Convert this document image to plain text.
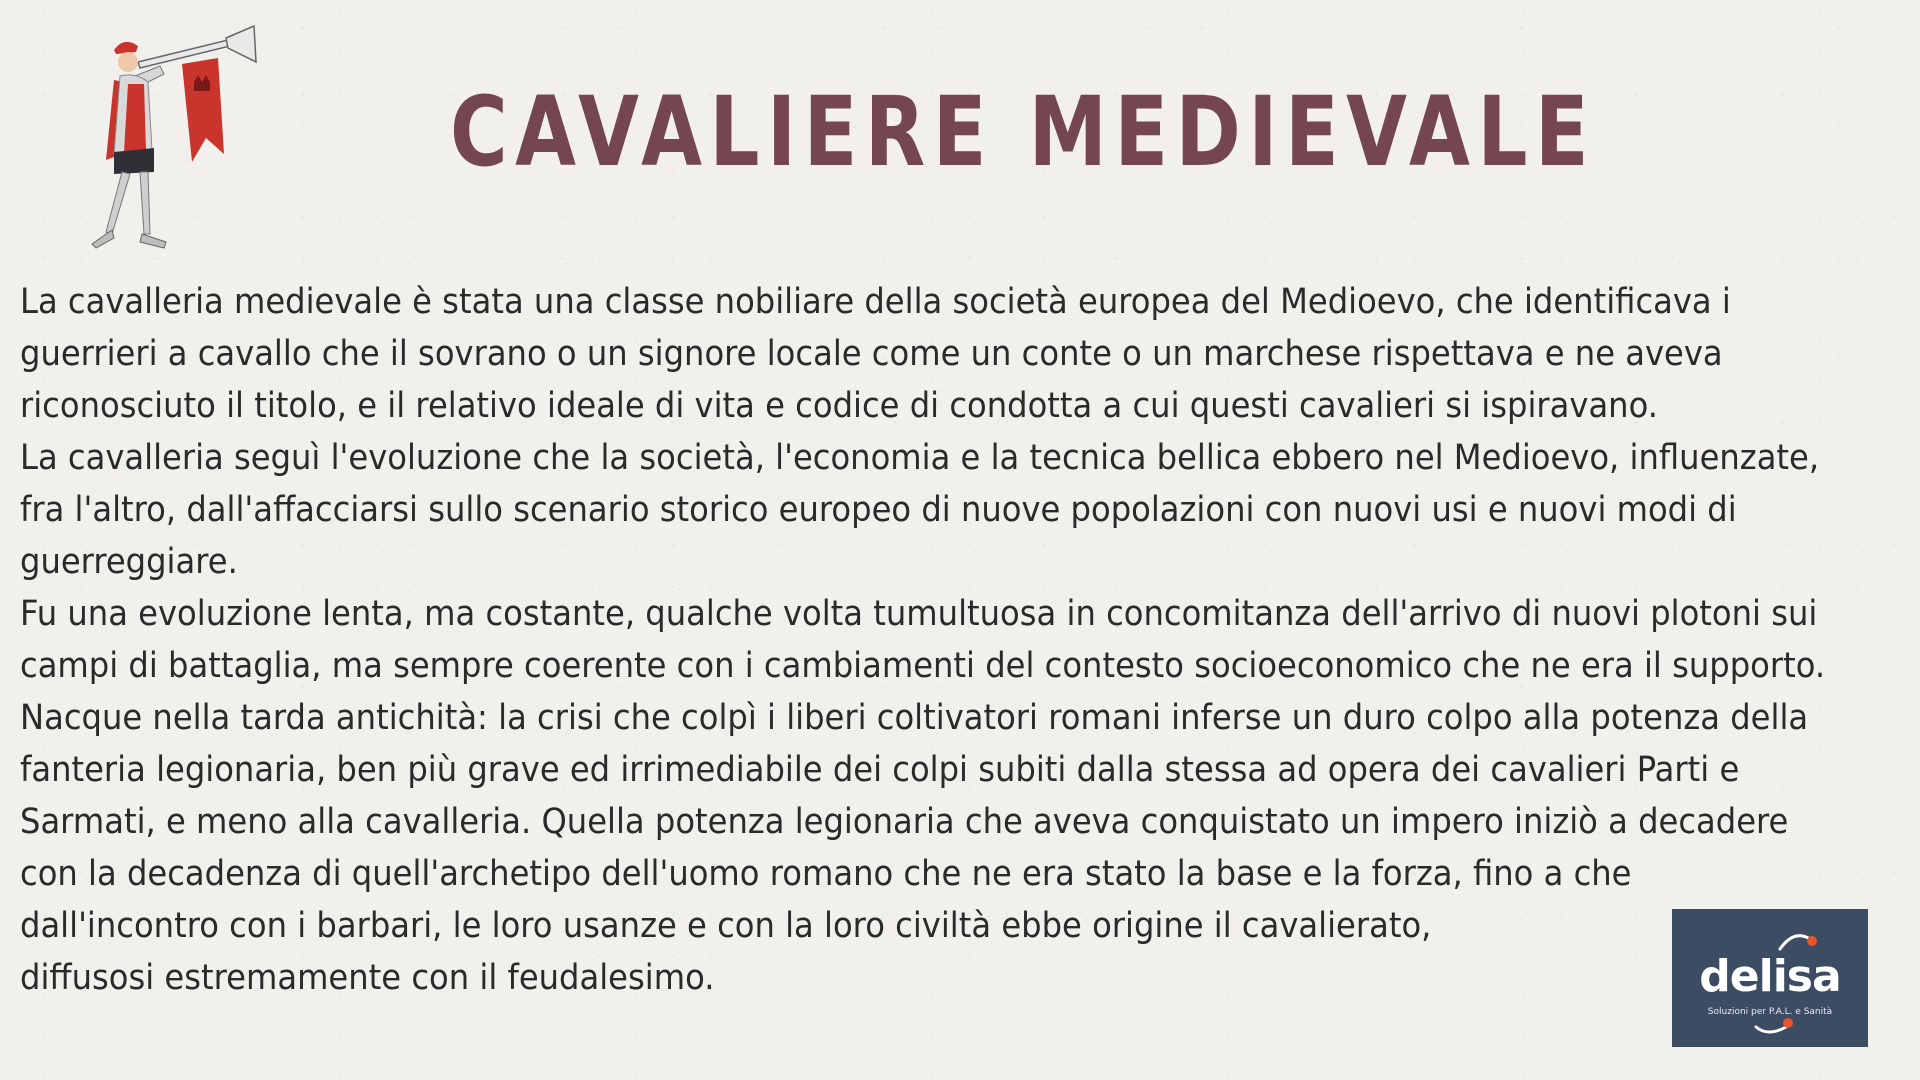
CAVALIERE MEDIEVALE

La cavalleria medievale è stata una classe nobiliare della società europea del Medioevo, che identificava i

guerrieri a cavallo che il sovrano o un signore locale come un conte o un marchese rispettava e ne aveva

riconosciuto il titolo, e il relativo ideale di vita e codice di condotta a cui questi cavalieri si ispiravano.

La cavalleria seguì l'evoluzione che la società, l'economia e la tecnica bellica ebbero nel Medioevo, influenzate,

fra l'altro, dall'affacciarsi sullo scenario storico europeo di nuove popolazioni con nuovi usi e nuovi modi di

guerreggiare.

Fu una evoluzione lenta, ma costante, qualche volta tumultuosa in concomitanza dell'arrivo di nuovi plotoni sui

campi di battaglia, ma sempre coerente con i cambiamenti del contesto socioeconomico che ne era il supporto.

Nacque nella tarda antichità: la crisi che colpì i liberi coltivatori romani inferse un duro colpo alla potenza della

fanteria legionaria, ben più grave ed irrimediabile dei colpi subiti dalla stessa ad opera dei cavalieri Parti e

Sarmati, e meno alla cavalleria. Quella potenza legionaria che aveva conquistato un impero iniziò a decadere

con la decadenza di quell'archetipo dell'uomo romano che ne era stato la base e la forza, fino a che

dall'incontro con i barbari, le loro usanze e con la loro civiltà ebbe origine il cavalierato,

diffusosi estremamente con il feudalesimo.	delisa
Soluzioni per P.A.L. e Sanità
